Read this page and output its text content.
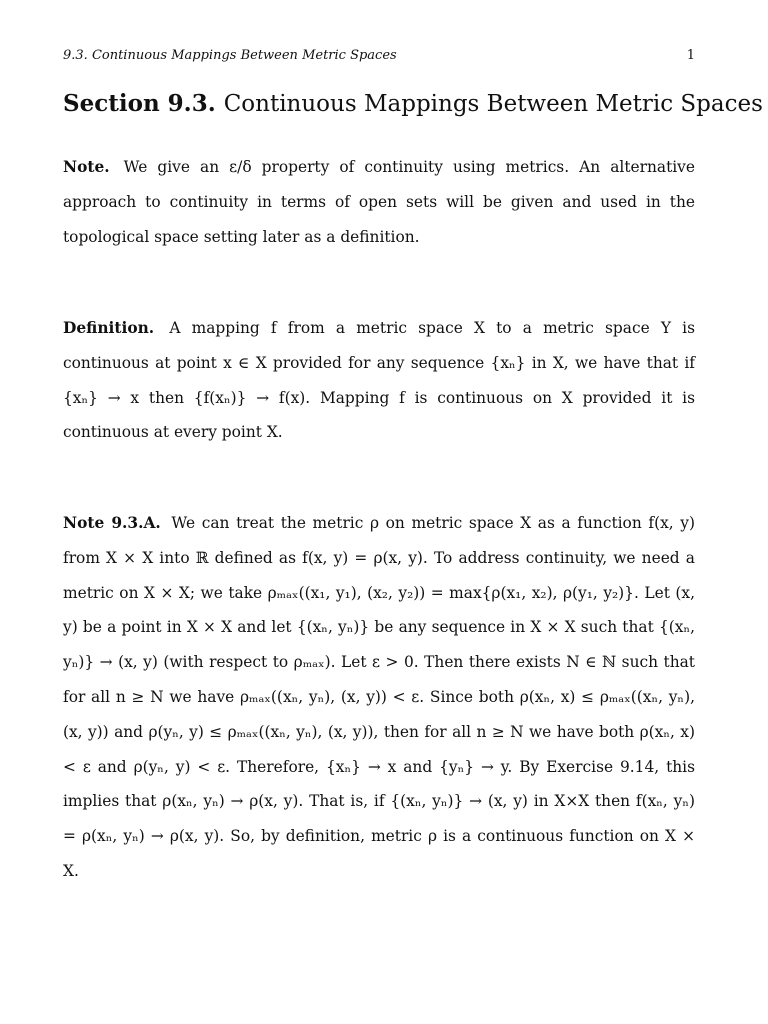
9.3. Continuous Mappings Between Metric Spaces	1
Section 9.3. Continuous Mappings Between Metric Spaces
Note. We give an ε/δ property of continuity using metrics. An alternative approach to continuity in terms of open sets will be given and used in the topological space setting later as a definition.
Definition. A mapping f from a metric space X to a metric space Y is continuous at point x ∈ X provided for any sequence {xₙ} in X, we have that if {xₙ} → x then {f(xₙ)} → f(x). Mapping f is continuous on X provided it is continuous at every point X.
Note 9.3.A. We can treat the metric ρ on metric space X as a function f(x, y) from X × X into ℝ defined as f(x, y) = ρ(x, y). To address continuity, we need a metric on X × X; we take ρₘₐₓ((x₁, y₁), (x₂, y₂)) = max{ρ(x₁, x₂), ρ(y₁, y₂)}. Let (x, y) be a point in X × X and let {(xₙ, yₙ)} be any sequence in X × X such that {(xₙ, yₙ)} → (x, y) (with respect to ρₘₐₓ). Let ε > 0. Then there exists N ∈ ℕ such that for all n ≥ N we have ρₘₐₓ((xₙ, yₙ), (x, y)) < ε. Since both ρ(xₙ, x) ≤ ρₘₐₓ((xₙ, yₙ), (x, y)) and ρ(yₙ, y) ≤ ρₘₐₓ((xₙ, yₙ), (x, y)), then for all n ≥ N we have both ρ(xₙ, x) < ε and ρ(yₙ, y) < ε. Therefore, {xₙ} → x and {yₙ} → y. By Exercise 9.14, this implies that ρ(xₙ, yₙ) → ρ(x, y). That is, if {(xₙ, yₙ)} → (x, y) in X×X then f(xₙ, yₙ) = ρ(xₙ, yₙ) → ρ(x, y). So, by definition, metric ρ is a continuous function on X × X.
